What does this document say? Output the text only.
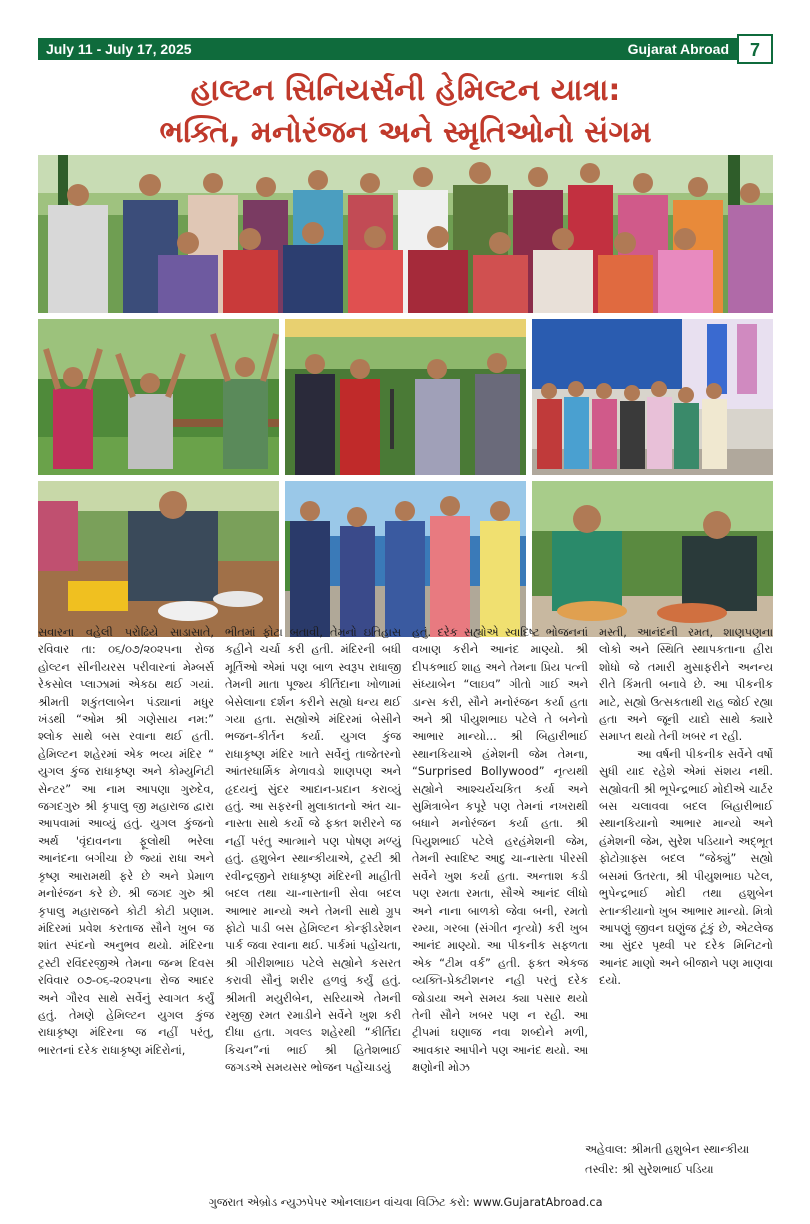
July 11 - July 17, 2025	Gujarat Abroad	7
હાલ્ટન સિનિયર્સની હેમિલ્ટન યાત્રા:
ભક્તિ, મનોરંજન અને સ્મૃતિઓનો સંગમ

સવારના વહેલી પરોઢિયે સાડાસાતે, રવિવાર તા: ૦૬/૦૭/૨૦૨૫ના રોજ હોલ્ટન સીનીયરસ પરીવારનાં મેમ્બર્સ રેકસોલ પ્લાઝામાં એકઠા થઈ ગયાં. શ્રીમતી શકુંતલાબેન પંડ્યાનાં મધુર ખંડથી “ઓમ શ્રી ગણેસાય નમ:” શ્લોક સાથે બસ રવાના થઈ હતી. હેમિલ્ટન શહેરમાં એક ભવ્ય મંદિર “ યુગલ કુંજ રાધાકૃષ્ણ અને કોમ્યુનિટી સેન્ટર” આ નામ આપણા ગુરુદેવ, જગદગુરુ શ્રી કૃપાલુ જી મહારાજ દ્વારા આપવામાં આવ્યું હતું. યુગલ કુંજનો અર્થ 'વૃંદાવનના ફૂલોથી ભરેલા આનંદના બગીચા છે જ્યાં રાધા અને કૃષ્ણ આરામથી ફરે છે અને પ્રેમાળ મનોરંજન કરે છે. શ્રી જગદ ગુરુ શ્રી કૃપાલુ મહારાજને કોટી કોટી પ્રણામ. મંદિરમાં પ્રવેશ કરતાજ સૌને ખુબ જ શાંત સ્પંદનો અનુભવ થયો. મંદિરના ટ્રસ્ટી રવિંદરજીએ તેમના જન્મ દિવસ રવિવાર ૦૭-૦૬-૨૦૨૫ના રોજ આદર અને ગૌરવ સાથે સર્વેનું સ્વાગત કર્યું હતું. તેમણે હેમિલ્ટન યુગલ કુંજ રાધાકૃષ્ણ મંદિરના જ નહીં પરંતુ, ભારતનાં દરેક રાધાકૃષ્ણ મંદિરોનાં,

ભીતમાં ફોટા બતાવી, તેમનો ઇતિહાસ કહીને ચર્ચા કરી હતી. મંદિરની બધી મૂર્તિઓ એમાં પણ બાળ સ્વરૂપ રાધાજી તેમની માતા પૂજ્ય કીર્તિદાના ખોળામાં બેસેલાના દર્શન કરીને સહ્યો ધન્ય થઈ ગયા હતા. સહ્યોએ મંદિરમાં બેસીને ભજન-કીર્તન કર્યા. યુગલ કુંજ રાધાકૃષ્ણ મંદિર ખાતે સર્વેનું તાજેતરનો આંતરધાર્મિક મેળાવડો શાણપણ અને હૃદયનું સુંદર આદાન-પ્રદાન કરાવ્યું હતું. આ સફરની મુલાકાતનો અંત ચા-નાસ્તા સાથે કર્યો જે ફક્ત શરીરને જ નહીં પરંતુ આત્માને પણ પોષણ મળ્યું હતું. હશુબેન સ્થાન્કીયાએ, ટ્રસ્ટી શ્રી રવીન્દ્રજીને રાધાકૃષ્ણ મંદિરની માહીતી બદલ તથા ચા-નાસ્તાની સેવા બદલ આભાર માન્યો અને તેમની સાથે ગ્રુપ ફોટો પાડી બસ હેમિલ્ટન કોન્ફીડરેશન પાર્ક જવા રવાના થઈ. પાર્કમાં પહોંચતા, શ્રી ગીરીશભાઇ પટેલે સહ્યોને કસરત કરાવી સૌનું શરીર હળવું કર્યું હતું. શ્રીમતી મયુરીબેન, સરિયાએ તેમની રમુજી રમત રમાડીને સર્વેને ખુશ કરી દીધા હતા. ગવલ્ડ શહેરથી “કીર્તિદા કિચન”નાં ભાઈ શ્રી હિતેશભાઈ જગડએ સમયસર ભોજન પહોંચાડયું

હતું. દરેક સહ્યોએ સ્વાદિષ્ટ ભોજનનાં વખાણ કરીને આનંદ માણ્યો. શ્રી દીપકભાઈ શાહ અને તેમના પ્રિય પત્ની સંધ્યાબેન “લાઇવ” ગીતો ગાઈ અને ડાન્સ કરી, સૌને મનોરંજન કર્યા હતા અને શ્રી પીયુશભાઇ પટેલે તે બનેનો આભાર માન્યો... શ્રી બિહારીભાઈ સ્થાનકિયાએ હંમેશની જેમ તેમના, “Surprised Bollywood” નૃત્યથી સહ્યોને આશ્ચર્યચકિત કર્યા અને સુમિત્રાબેન કપૂરે પણ તેમનાં નખરાથી બધાને મનોરંજન કર્યા હતા. શ્રી પિયુશભાઈ પટેલે હરહંમેશની જેમ, તેમની સ્વાદિષ્ટ આદુ ચા-નાસ્તા પીરસી સર્વેને ખુશ કર્યા હતા. અન્તાશ કડી પણ રમતા રમતા, સૌએ આનંદ લીધો અને નાના બાળકો જેવા બની, રમતો રમ્યા, ગરબા (સંગીત નૃત્યો) કરી ખુબ આનંદ માણ્યો. આ પીકનીક સફળતા એક “ટીમ વર્ક” હતી. ફક્ત એકજ વ્યક્તિ-પ્રેક્ટીશનર નહી પરતું દરેક જોડાયા અને સમય ક્યા પસાર થયો તેની સૌને ખબર પણ ન રહી. આ ટ્રીપમાં ઘણાજ નવા શબ્દોને મળી, આવકાર આપીને પણ આનંદ થયો. આ ક્ષણોની મોઝ

મસ્તી, આનંદની રમત, શાણપણના લોકો અને સ્થિતિ સ્થાપકતાના હીરા શોધો જે તમારી મુસાફરીને અનન્ય રીતે કિંમતી બનાવે છે. આ પીકનીક માટે, સહ્યો ઉત્સકતાથી રાહ જોઈ રહ્યા હતા અને જૂની યાદો સાથે ક્યારે સમાપ્ત થયો તેની ખબર ન રહી.

આ વર્ષની પીકનીક સર્વેને વર્ષો સુધી યાદ રહેશે એમાં સંશય નથી. સહ્યોવતી શ્રી ભૂપેન્દ્રભાઈ મોદીએ ચાર્ટર બસ ચલાવવા બદલ બિહારીભાઈ સ્થાનકિયાનો આભાર માન્યો અને હંમેશની જેમ, સુરેશ પડિયાને અદ્ભૂત ફોટોગ્રાફ્સ બદલ “જેક્યું” સહ્યો બસમાં ઉતરતા, શ્રી પીયુશભાઇ પટેલ, ભુપેન્દ્રભાઈ મોદી તથા હશુબેન સ્તાન્કીયાનો ખુબ આભાર માન્યો. મિત્રો આપણું જીવન ઘણુંજ ટૂંકું છે, એટલેજ આ સુંદર પૃથ્વી પર દરેક મિનિટનો આનંદ માણો અને બીજાને પણ માણવા દયો.

અહેવાલ: શ્રીમતી હશુબેન સ્થાન્કીયા
તસ્વીર: શ્રી સુરેશભાઈ પડિયા
ગુજરાત એબ્રોડ ન્યુઝપેપર ઓનલાઇન વાંચવા વિઝિટ કરો: www.GujaratAbroad.ca
